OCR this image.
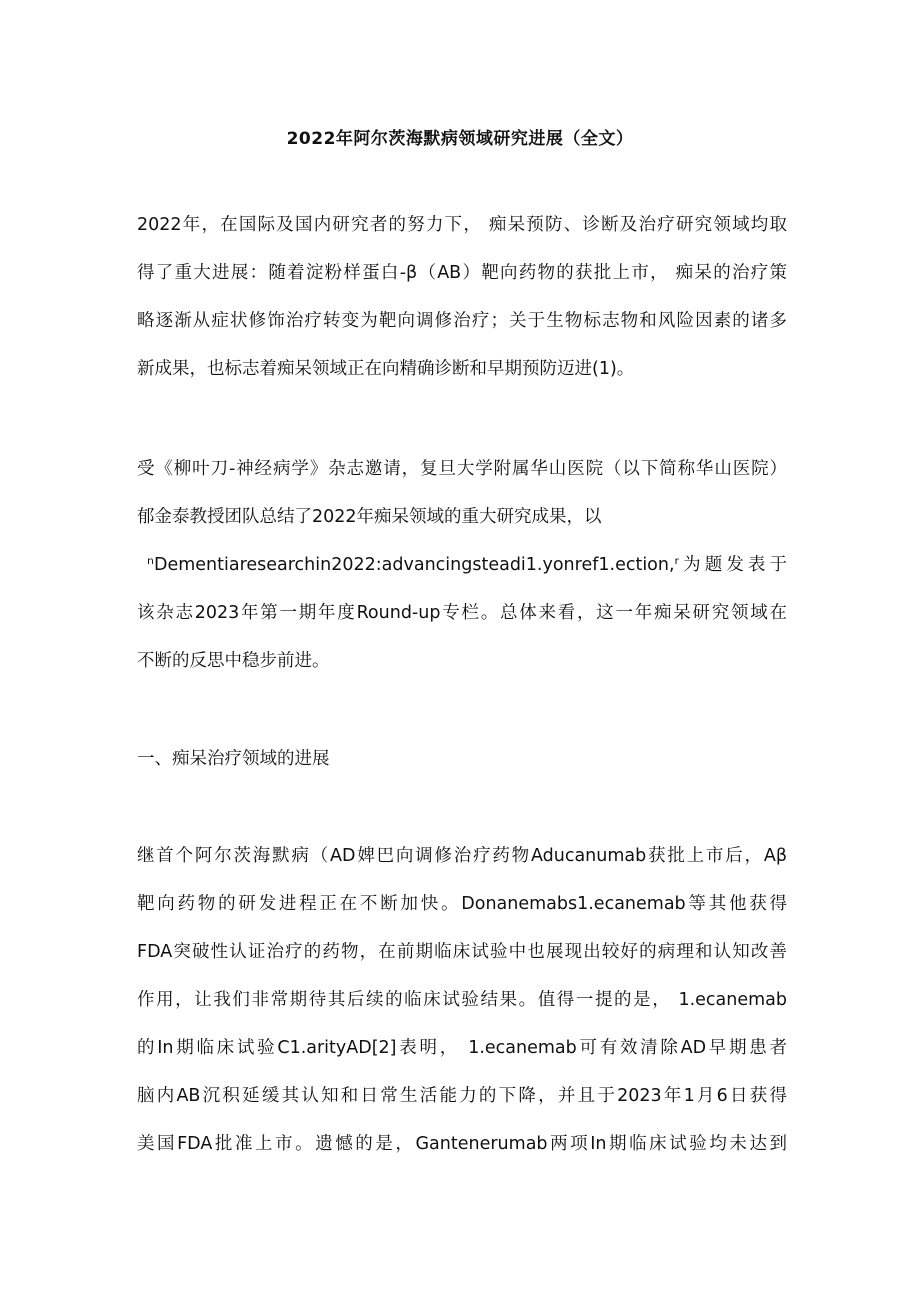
2022年阿尔茨海默病领域研究进展（全文）
2022年，在国际及国内研究者的努力下， 痴呆预防、诊断及治疗研究领域均取
得了重大进展：随着淀粉样蛋白-β（AB）靶向药物的获批上市， 痴呆的治疗策
略逐渐从症状修饰治疗转变为靶向调修治疗；关于生物标志物和风险因素的诸多
新成果，也标志着痴呆领域正在向精确诊断和早期预防迈进(1)。
受《柳叶刀-神经病学》杂志邀请，复旦大学附属华山医院（以下简称华山医院）
郁金泰教授团队总结了2022年痴呆领域的重大研究成果，以
ⁿDementiaresearchin2022:advancingsteadi1.yonref1.ection,ʳ为题发表于
该杂志2023年第一期年度Round-up专栏。总体来看，这一年痴呆研究领域在
不断的反思中稳步前进。
一、痴呆治疗领域的进展
继首个阿尔茨海默病（AD婢巴向调修治疗药物Aducanumab获批上市后，Aβ
靶向药物的研发进程正在不断加快。Donanemabs1.ecanemab等其他获得
FDA突破性认证治疗的药物，在前期临床试验中也展现出较好的病理和认知改善
作用，让我们非常期待其后续的临床试验结果。值得一提的是， 1.ecanemab
的In期临床试验C1.arityAD[2]表明， 1.ecanemab可有效清除AD早期患者
脑内AB沉积延缓其认知和日常生活能力的下降，并且于2023年1月6日获得
美国FDA批准上市。遗憾的是，Gantenerumab两项In期临床试验均未达到
